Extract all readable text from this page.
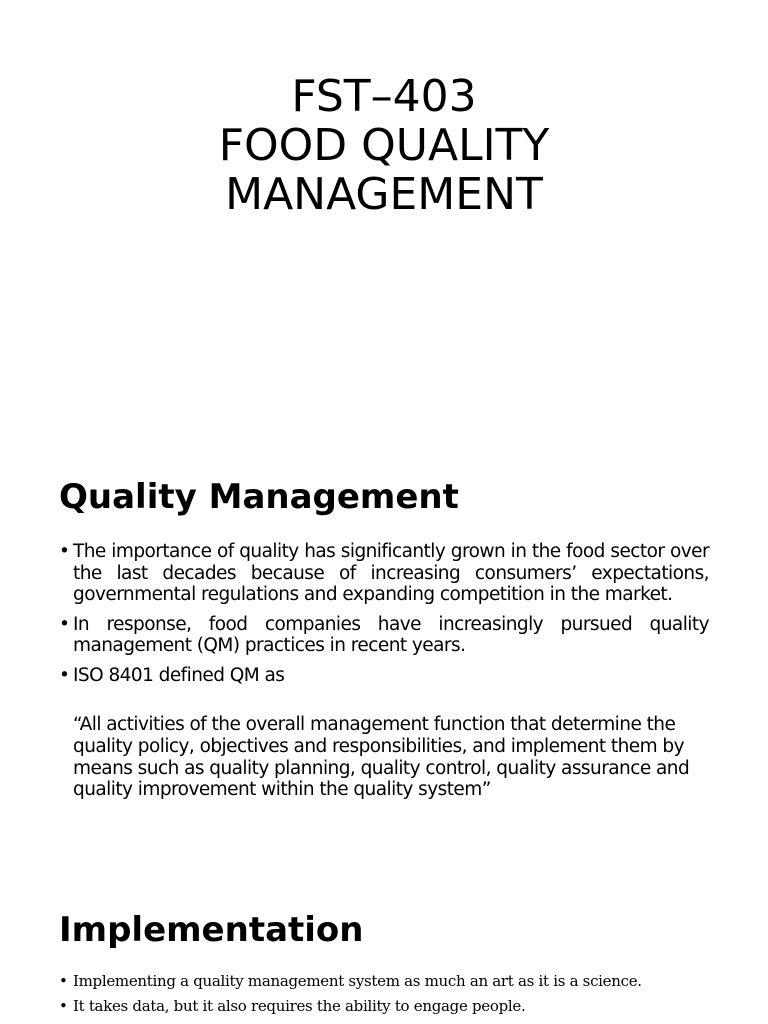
FST–403
FOOD QUALITY
MANAGEMENT
Quality Management
• The importance of quality has significantly grown in the food sector over the last decades because of increasing consumers’ expectations, governmental regulations and expanding competition in the market.
• In response, food companies have increasingly pursued quality management (QM) practices in recent years.
• ISO 8401 defined QM as

“All activities of the overall management function that determine the quality policy, objectives and responsibilities, and implement them by means such as quality planning, quality control, quality assurance and quality improvement within the quality system”

Implementation
• Implementing a quality management system as much an art as it is a science.
• It takes data, but it also requires the ability to engage people.
